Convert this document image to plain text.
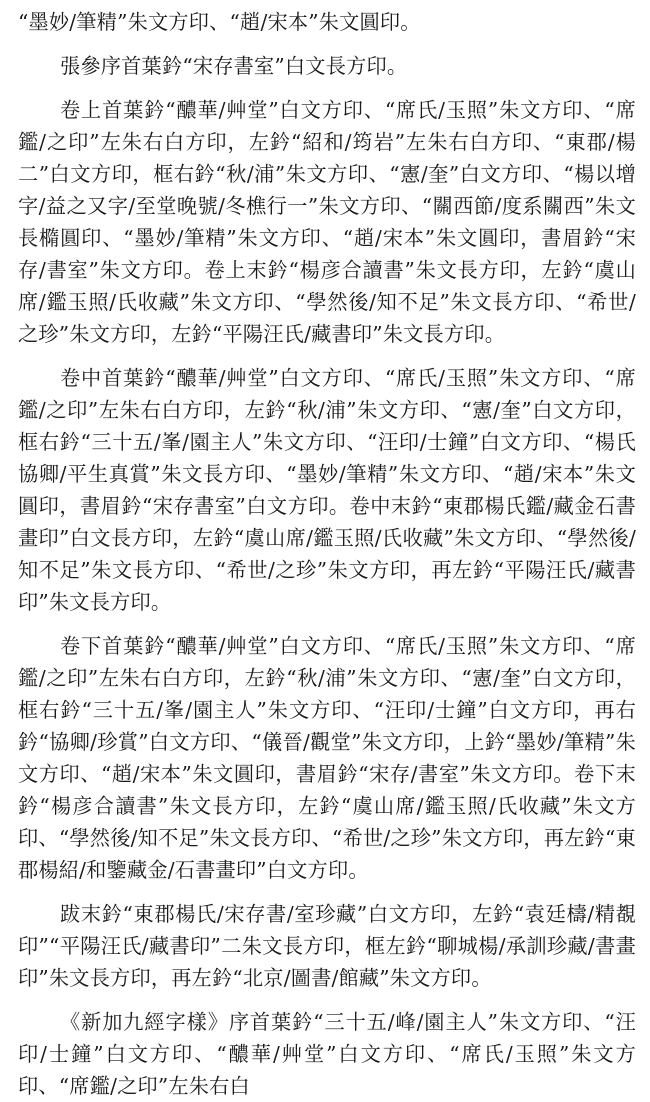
“墨妙/筆精”朱文方印、“趙/宋本”朱文圓印。

張參序首葉鈐“宋存書室”白文長方印。

卷上首葉鈐“醲華/艸堂”白文方印、“席氏/玉照”朱文方印、“席鑑/之印”左朱右白方印，左鈐“紹和/筠岩”左朱右白方印、“東郡/楊二”白文方印，框右鈐“秋/浦”朱文方印、“憲/奎”白文方印、“楊以增字/益之又字/至堂晚號/冬樵行一”朱文方印、“關西節/度系關西”朱文長橢圓印、“墨妙/筆精”朱文方印、“趙/宋本”朱文圓印，書眉鈐“宋存/書室”朱文方印。卷上末鈐“楊彦合讀書”朱文長方印，左鈐“虞山席/鑑玉照/氏收藏”朱文方印、“學然後/知不足”朱文長方印、“希世/之珍”朱文方印，左鈐“平陽汪氏/藏書印”朱文長方印。

卷中首葉鈐“醲華/艸堂”白文方印、“席氏/玉照”朱文方印、“席鑑/之印”左朱右白方印，左鈐“秋/浦”朱文方印、“憲/奎”白文方印，框右鈐“三十五/峯/園主人”朱文方印、“汪印/士鐘”白文方印、“楊氏協卿/平生真賞”朱文長方印、“墨妙/筆精”朱文方印、“趙/宋本”朱文圓印，書眉鈐“宋存書室”白文方印。卷中末鈐“東郡楊氏鑑/藏金石書畫印”白文長方印，左鈐“虞山席/鑑玉照/氏收藏”朱文方印、“學然後/知不足”朱文長方印、“希世/之珍”朱文方印，再左鈐“平陽汪氏/藏書印”朱文長方印。

卷下首葉鈐“醲華/艸堂”白文方印、“席氏/玉照”朱文方印、“席鑑/之印”左朱右白方印，左鈐“秋/浦”朱文方印、“憲/奎”白文方印，框右鈐“三十五/峯/園主人”朱文方印、“汪印/士鐘”白文方印，再右鈐“協卿/珍賞”白文方印、“儀晉/觀堂”朱文方印，上鈐“墨妙/筆精”朱文方印、“趙/宋本”朱文圓印，書眉鈐“宋存/書室”朱文方印。卷下末鈐“楊彦合讀書”朱文長方印，左鈐“虞山席/鑑玉照/氏收藏”朱文方印、“學然後/知不足”朱文長方印、“希世/之珍”朱文方印，再左鈐“東郡楊紹/和鑒藏金/石書畫印”白文方印。

跋末鈐“東郡楊氏/宋存書/室珍藏”白文方印，左鈐“袁廷檮/精覩印”“平陽汪氏/藏書印”二朱文長方印，框左鈐“聊城楊/承訓珍藏/書畫印”朱文長方印，再左鈐“北京/圖書/館藏”朱文方印。

《新加九經字樣》序首葉鈐“三十五/峰/園主人”朱文方印、“汪印/士鐘”白文方印、“醲華/艸堂”白文方印、“席氏/玉照”朱文方印、“席鑑/之印”左朱右白
